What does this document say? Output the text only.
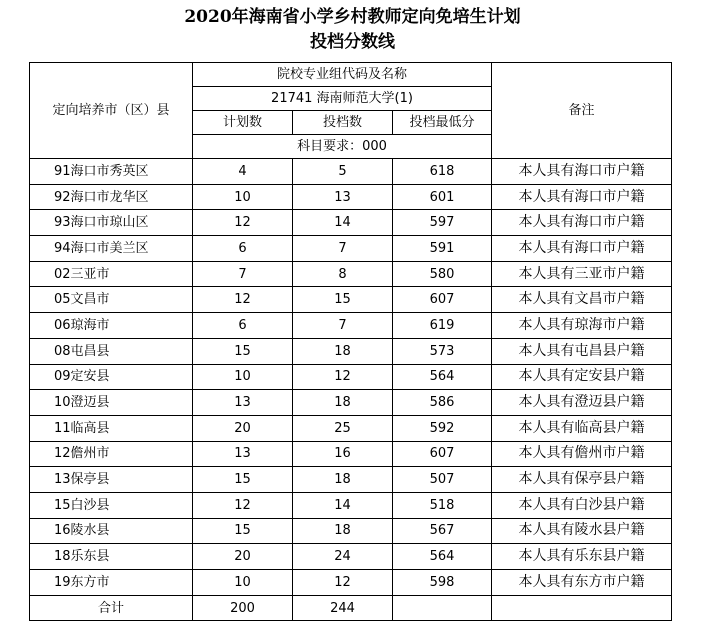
2020年海南省小学乡村教师定向免培生计划
投档分数线
定向培养市（区）县	院校专业组代码及名称			备注
	21741 海南师范大学(1)			
	计划数	投档数	投档最低分	
	科目要求：000			
91海口市秀英区	4	5	618	本人具有海口市户籍
92海口市龙华区	10	13	601	本人具有海口市户籍
93海口市琼山区	12	14	597	本人具有海口市户籍
94海口市美兰区	6	7	591	本人具有海口市户籍
02三亚市	7	8	580	本人具有三亚市户籍
05文昌市	12	15	607	本人具有文昌市户籍
06琼海市	6	7	619	本人具有琼海市户籍
08屯昌县	15	18	573	本人具有屯昌县户籍
09定安县	10	12	564	本人具有定安县户籍
10澄迈县	13	18	586	本人具有澄迈县户籍
11临高县	20	25	592	本人具有临高县户籍
12儋州市	13	16	607	本人具有儋州市户籍
13保亭县	15	18	507	本人具有保亭县户籍
15白沙县	12	14	518	本人具有白沙县户籍
16陵水县	15	18	567	本人具有陵水县户籍
18乐东县	20	24	564	本人具有乐东县户籍
19东方市	10	12	598	本人具有东方市户籍
合计	200	244		
